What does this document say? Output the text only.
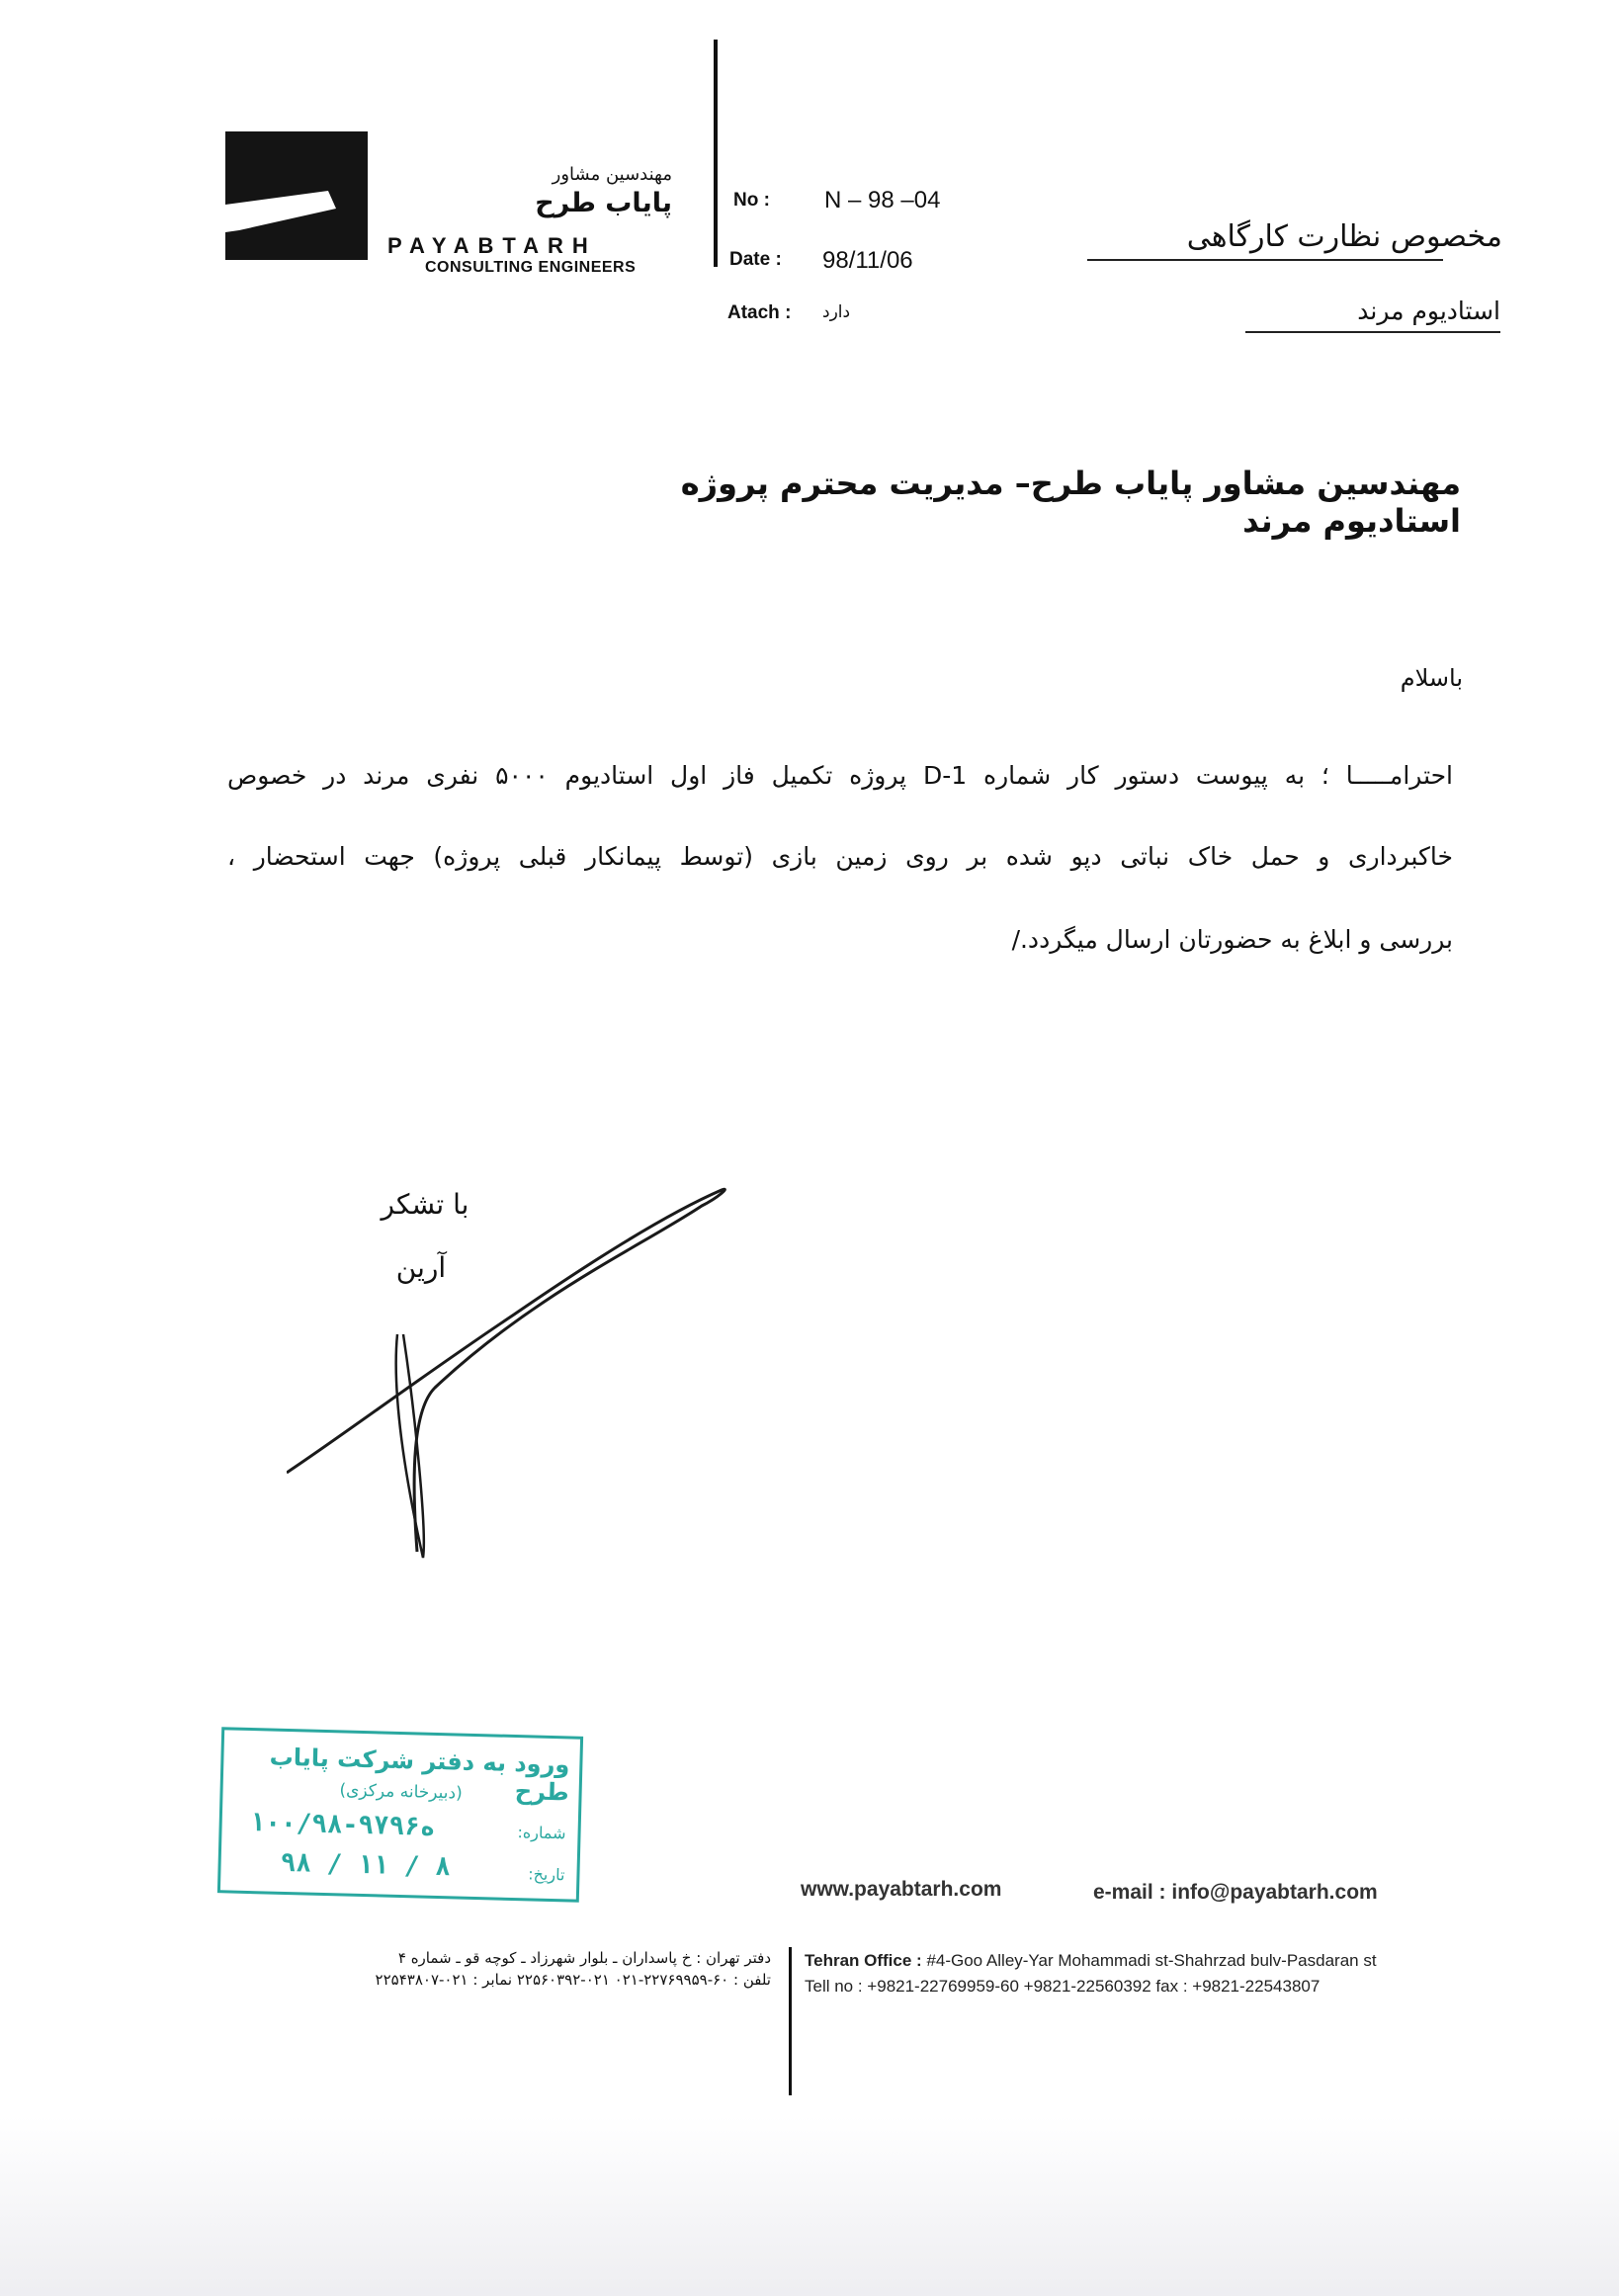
مهندسین مشاور
پایاب طرح
PAYABTARH
CONSULTING ENGINEERS
No : N – 98 –04
Date : 98/11/06
Atach : دارد
مخصوص نظارت کارگاهی
استادیوم مرند
مهندسین مشاور پایاب طرح– مدیریت محترم پروژه استادیوم مرند
باسلام
احترامـــــا ؛ به پیوست دستور کار شماره D-1 پروژه تکمیل فاز اول استادیوم ۵۰۰۰ نفری مرند در خصوص
خاکبرداری و حمل خاک نباتی دپو شده بر روی زمین بازی (توسط پیمانکار قبلی پروژه) جهت استحضار ،
بررسی و ابلاغ به حضورتان ارسال میگردد./
با تشکر
آرین
ورود به دفتر شرکت پایاب طرح
(دبیرخانه مرکزی)
شماره:
۱۰۰/۹۸-۹۷ه۹۶
تاریخ:
۹۸ / ۱۱ / ۸
www.payabtarh.com	e-mail : info@payabtarh.com
دفتر تهران : خ پاسداران ـ بلوار شهرزاد ـ کوچه قو ـ شماره ۴
تلفن : ۶۰-۲۲۷۶۹۹۵۹-۰۲۱ ۰۲۱-۲۲۵۶۰۳۹۲ نمابر : ۰۲۱-۲۲۵۴۳۸۰۷
Tehran Office : #4-Goo Alley-Yar Mohammadi st-Shahrzad bulv-Pasdaran st
Tell no : +9821-22769959-60 +9821-22560392 fax : +9821-22543807
